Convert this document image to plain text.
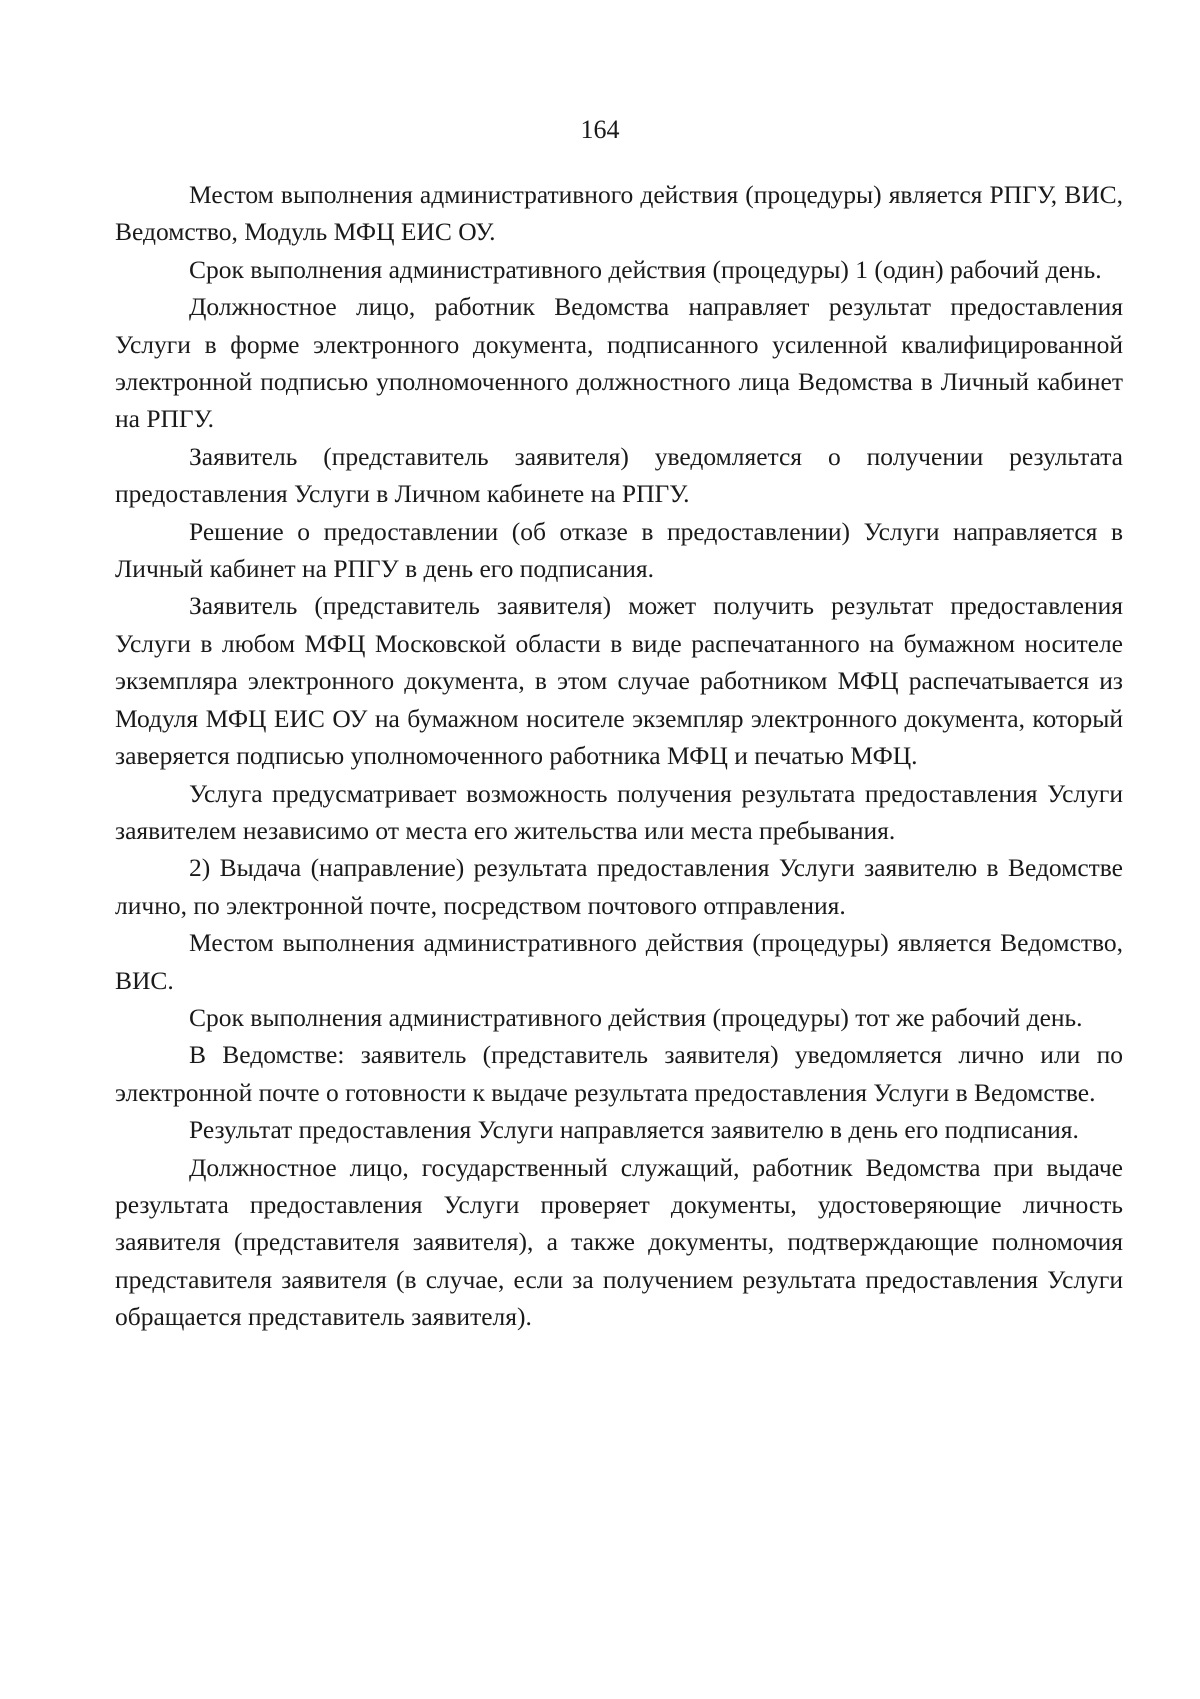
164

Местом выполнения административного действия (процедуры) является РПГУ, ВИС, Ведомство, Модуль МФЦ ЕИС ОУ.

Срок выполнения административного действия (процедуры) 1 (один) рабочий день.

Должностное лицо, работник Ведомства направляет результат предоставления Услуги в форме электронного документа, подписанного усиленной квалифицированной электронной подписью уполномоченного должностного лица Ведомства в Личный кабинет на РПГУ.

Заявитель (представитель заявителя) уведомляется о получении результата предоставления Услуги в Личном кабинете на РПГУ.

Решение о предоставлении (об отказе в предоставлении) Услуги направляется в Личный кабинет на РПГУ в день его подписания.

Заявитель (представитель заявителя) может получить результат предоставления Услуги в любом МФЦ Московской области в виде распечатанного на бумажном носителе экземпляра электронного документа, в этом случае работником МФЦ распечатывается из Модуля МФЦ ЕИС ОУ на бумажном носителе экземпляр электронного документа, который заверяется подписью уполномоченного работника МФЦ и печатью МФЦ.

Услуга предусматривает возможность получения результата предоставления Услуги заявителем независимо от места его жительства или места пребывания.

2) Выдача (направление) результата предоставления Услуги заявителю в Ведомстве лично, по электронной почте, посредством почтового отправления.

Местом выполнения административного действия (процедуры) является Ведомство, ВИС.

Срок выполнения административного действия (процедуры) тот же рабочий день.

В Ведомстве: заявитель (представитель заявителя) уведомляется лично или по электронной почте о готовности к выдаче результата предоставления Услуги в Ведомстве.

Результат предоставления Услуги направляется заявителю в день его подписания.

Должностное лицо, государственный служащий, работник Ведомства при выдаче результата предоставления Услуги проверяет документы, удостоверяющие личность заявителя (представителя заявителя), а также документы, подтверждающие полномочия представителя заявителя (в случае, если за получением результата предоставления Услуги обращается представитель заявителя).
